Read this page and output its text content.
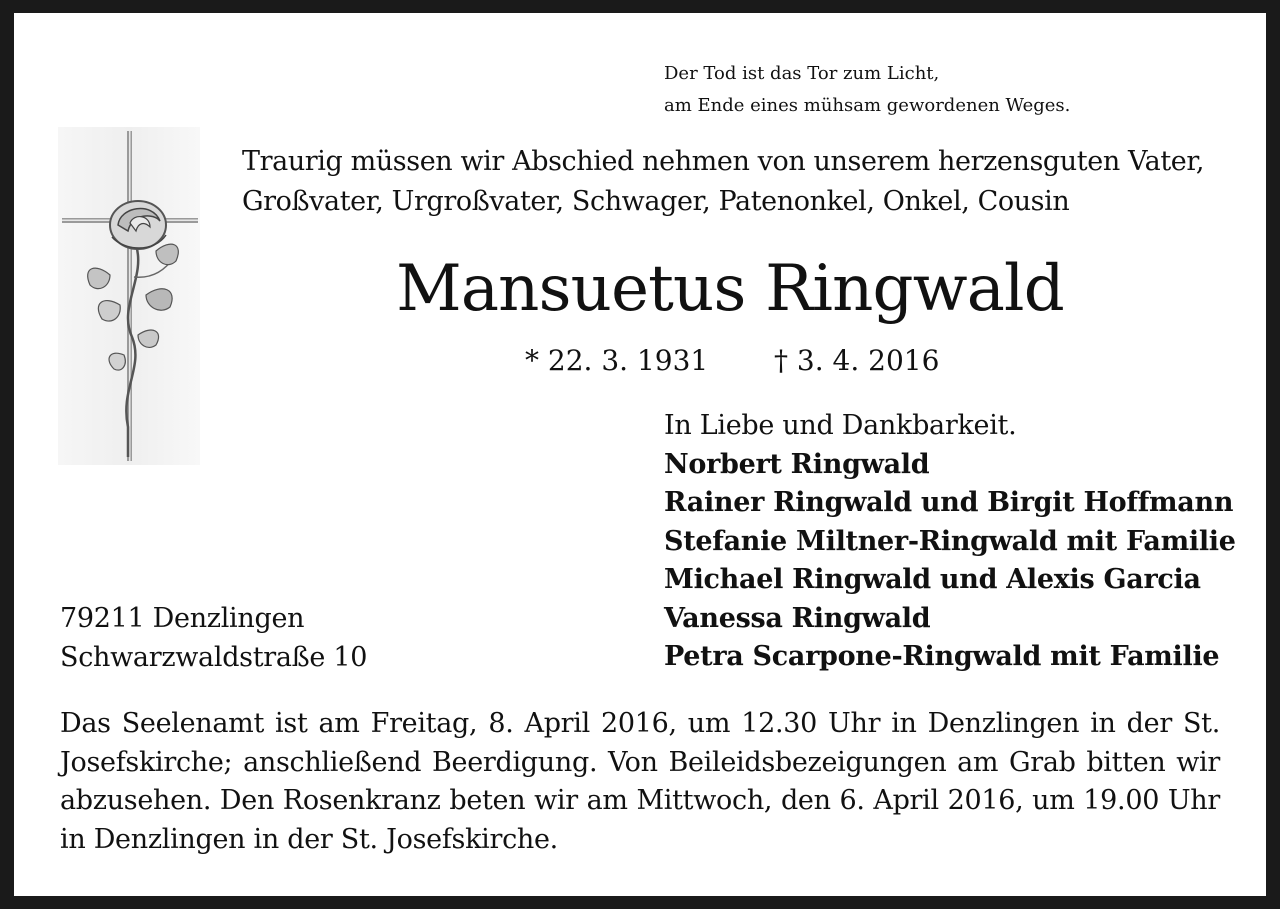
Der Tod ist das Tor zum Licht,
am Ende eines mühsam gewordenen Weges.
Traurig müssen wir Abschied nehmen von unserem herzensguten Vater,
Großvater, Urgroßvater, Schwager, Patenonkel, Onkel, Cousin
Mansuetus Ringwald
* 22. 3. 1931 † 3. 4. 2016
In Liebe und Dankbarkeit.
Norbert Ringwald
Rainer Ringwald und Birgit Hoffmann
Stefanie Miltner-Ringwald mit Familie
Michael Ringwald und Alexis Garcia
Vanessa Ringwald
Petra Scarpone-Ringwald mit Familie
79211 Denzlingen
Schwarzwaldstraße 10
Das Seelenamt ist am Freitag, 8. April 2016, um 12.30 Uhr in Denzlingen in der St. Josefskirche; anschließend Beerdigung. Von Beileidsbezeigungen am Grab bitten wir abzusehen. Den Rosenkranz beten wir am Mittwoch, den 6. April 2016, um 19.00 Uhr in Denzlingen in der St. Josefskirche.
